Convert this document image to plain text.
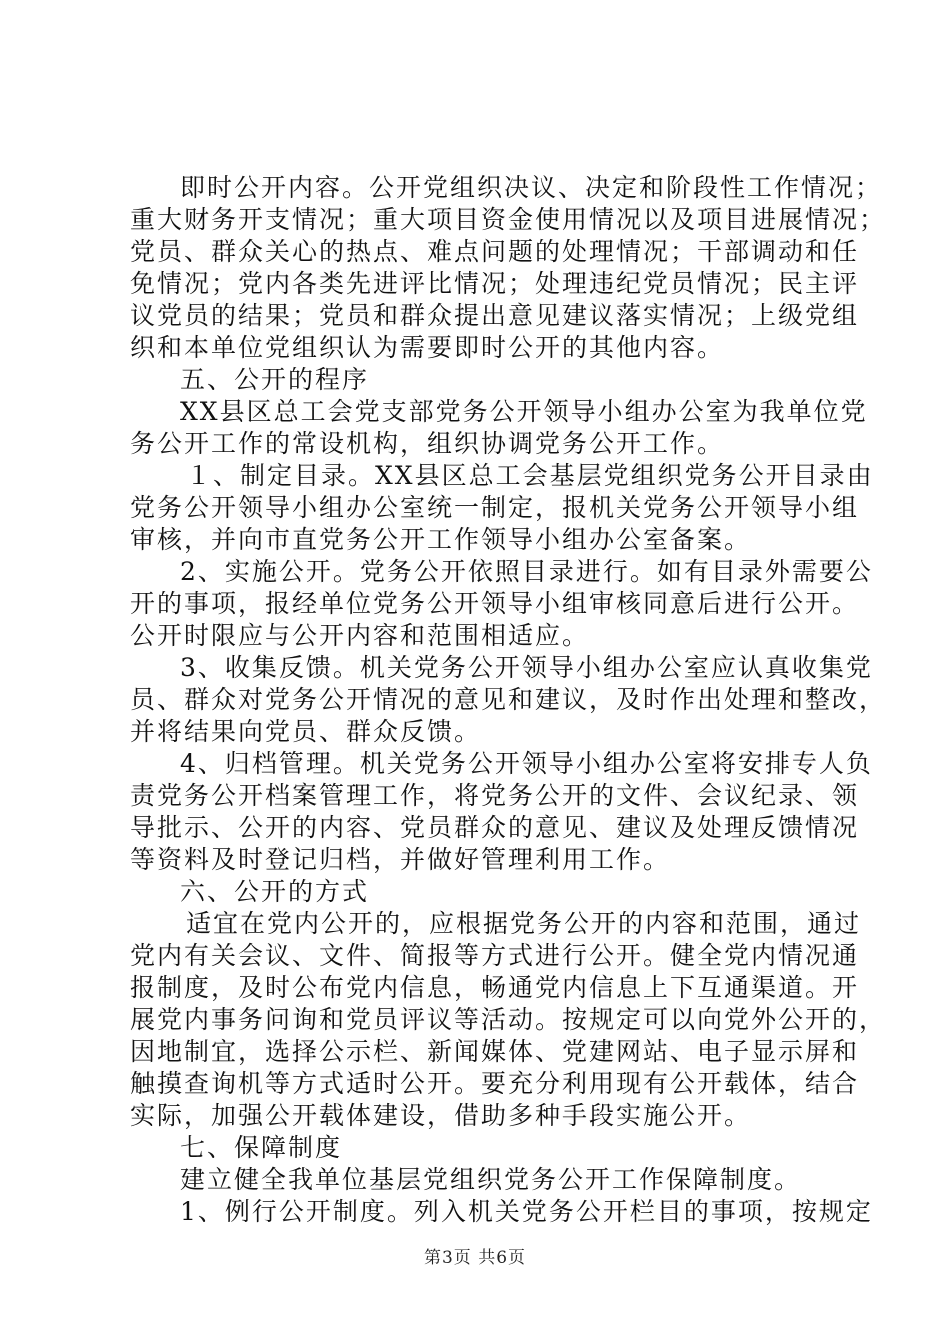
即时公开内容。公开党组织决议、决定和阶段性工作情况；
重大财务开支情况；重大项目资金使用情况以及项目进展情况；
党员、群众关心的热点、难点问题的处理情况；干部调动和任
免情况；党内各类先进评比情况；处理违纪党员情况；民主评
议党员的结果；党员和群众提出意见建议落实情况；上级党组
织和本单位党组织认为需要即时公开的其他内容。
五、公开的程序
XX县区总工会党支部党务公开领导小组办公室为我单位党
务公开工作的常设机构，组织协调党务公开工作。
１、制定目录。XX县区总工会基层党组织党务公开目录由
党务公开领导小组办公室统一制定，报机关党务公开领导小组
审核，并向市直党务公开工作领导小组办公室备案。
2、实施公开。党务公开依照目录进行。如有目录外需要公
开的事项，报经单位党务公开领导小组审核同意后进行公开。
公开时限应与公开内容和范围相适应。
3、收集反馈。机关党务公开领导小组办公室应认真收集党
员、群众对党务公开情况的意见和建议，及时作出处理和整改，
并将结果向党员、群众反馈。
4、归档管理。机关党务公开领导小组办公室将安排专人负
责党务公开档案管理工作，将党务公开的文件、会议纪录、领
导批示、公开的内容、党员群众的意见、建议及处理反馈情况
等资料及时登记归档，并做好管理利用工作。
六、公开的方式
适宜在党内公开的，应根据党务公开的内容和范围，通过
党内有关会议、文件、简报等方式进行公开。健全党内情况通
报制度，及时公布党内信息，畅通党内信息上下互通渠道。开
展党内事务问询和党员评议等活动。按规定可以向党外公开的，
因地制宜，选择公示栏、新闻媒体、党建网站、电子显示屏和
触摸查询机等方式适时公开。要充分利用现有公开载体，结合
实际，加强公开载体建设，借助多种手段实施公开。
七、保障制度
建立健全我单位基层党组织党务公开工作保障制度。
1、例行公开制度。列入机关党务公开栏目的事项，按规定
第3页 共6页
